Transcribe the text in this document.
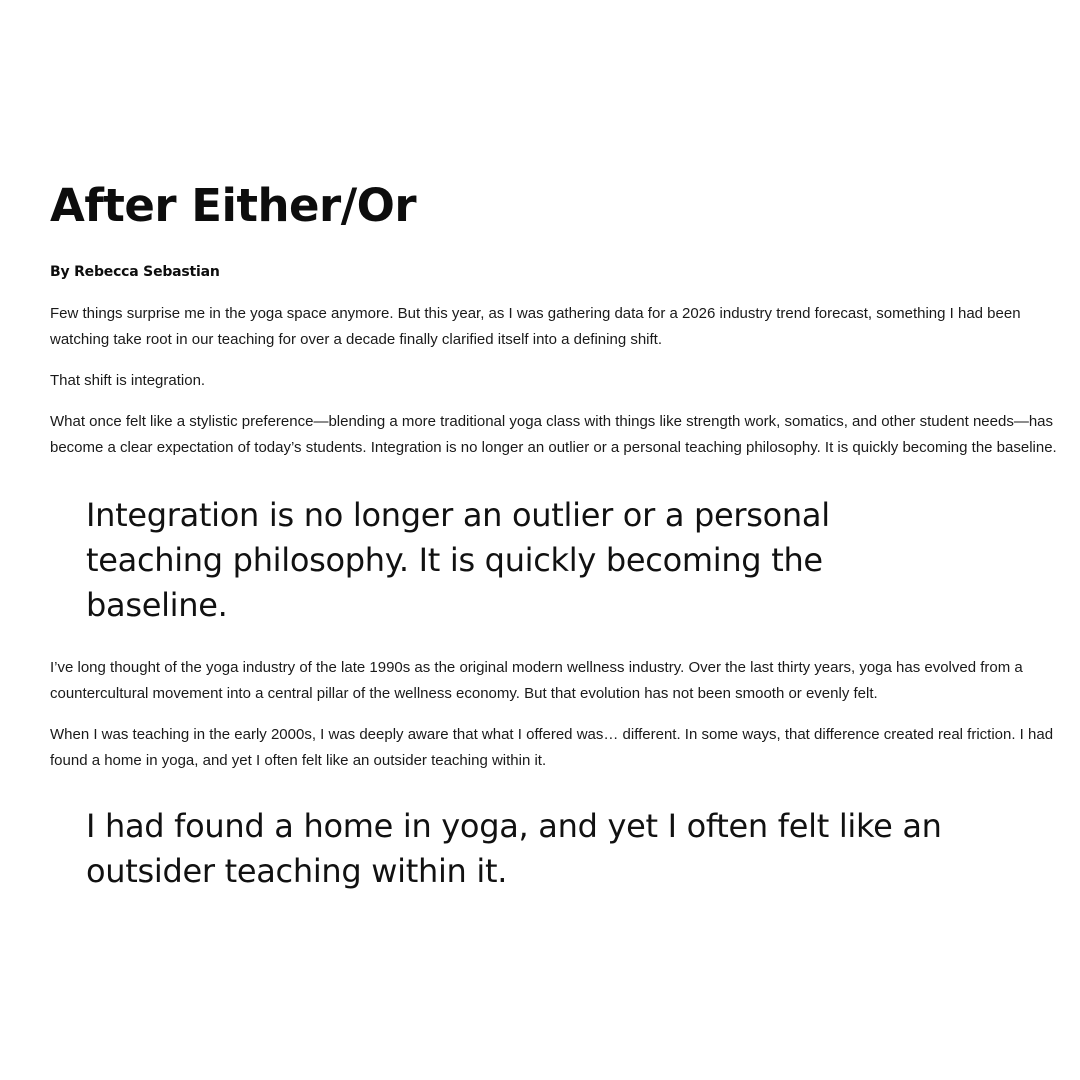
After Either/Or
By Rebecca Sebastian

Few things surprise me in the yoga space anymore. But this year, as I was gathering data for a 2026 industry trend forecast, something I had been watching take root in our teaching for over a decade finally clarified itself into a defining shift.

That shift is integration.

What once felt like a stylistic preference—blending a more traditional yoga class with things like strength work, somatics, and other student needs—has become a clear expectation of today’s students. Integration is no longer an outlier or a personal teaching philosophy. It is quickly becoming the baseline.

Integration is no longer an outlier or a personal teaching philosophy. It is quickly becoming the baseline.

I’ve long thought of the yoga industry of the late 1990s as the original modern wellness industry. Over the last thirty years, yoga has evolved from a countercultural movement into a central pillar of the wellness economy. But that evolution has not been smooth or evenly felt.

When I was teaching in the early 2000s, I was deeply aware that what I offered was… different. In some ways, that difference created real friction. I had found a home in yoga, and yet I often felt like an outsider teaching within it.

I had found a home in yoga, and yet I often felt like an outsider teaching within it.
